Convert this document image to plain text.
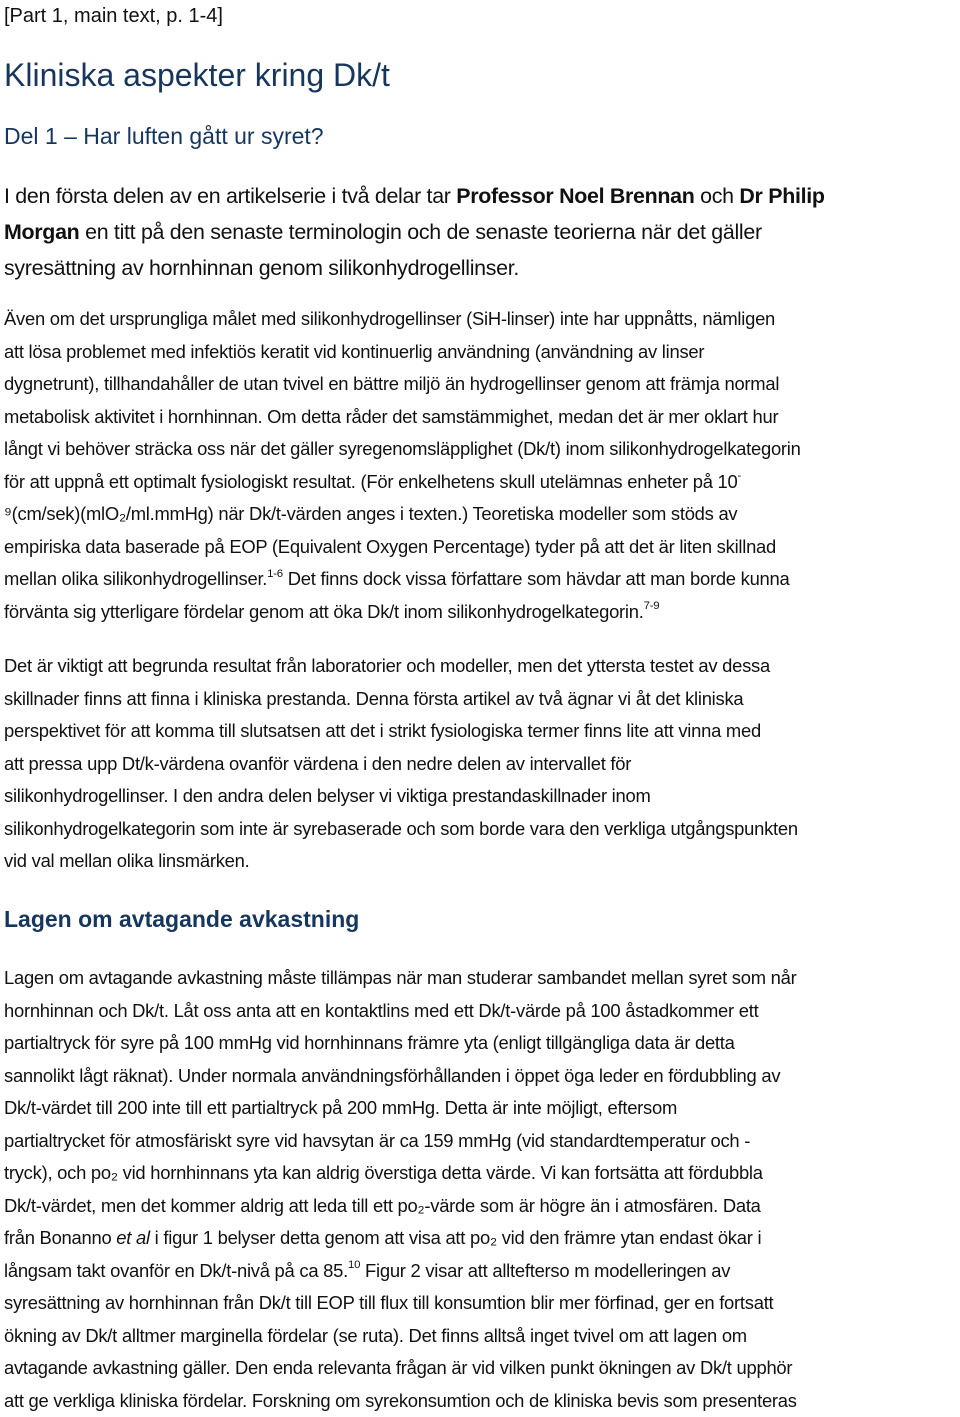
[Part 1, main text, p. 1-4]
Kliniska aspekter kring Dk/t
Del 1 – Har luften gått ur syret?

I den första delen av en artikelserie i två delar tar Professor Noel Brennan och Dr Philip
Morgan en titt på den senaste terminologin och de senaste teorierna när det gäller
syresättning av hornhinnan genom silikonhydrogellinser.

Även om det ursprungliga målet med silikonhydrogellinser (SiH-linser) inte har uppnåtts, nämligen
att lösa problemet med infektiös keratit vid kontinuerlig användning (användning av linser
dygnetrunt), tillhandahåller de utan tvivel en bättre miljö än hydrogellinser genom att främja normal
metabolisk aktivitet i hornhinnan. Om detta råder det samstämmighet, medan det är mer oklart hur
långt vi behöver sträcka oss när det gäller syregenomsläpplighet (Dk/t) inom silikonhydrogelkategorin
för att uppnå ett optimalt fysiologiskt resultat. (För enkelhetens skull utelämnas enheter på 10-
⁹(cm/sek)(mlO₂/ml.mmHg) när Dk/t-värden anges i texten.) Teoretiska modeller som stöds av
empiriska data baserade på EOP (Equivalent Oxygen Percentage) tyder på att det är liten skillnad
mellan olika silikonhydrogellinser.$^{1-6}$ Det finns dock vissa författare som hävdar att man borde kunna
förvänta sig ytterligare fördelar genom att öka Dk/t inom silikonhydrogelkategorin.$^{7-9}$

Det är viktigt att begrunda resultat från laboratorier och modeller, men det yttersta testet av dessa
skillnader finns att finna i kliniska prestanda. Denna första artikel av två ägnar vi åt det kliniska
perspektivet för att komma till slutsatsen att det i strikt fysiologiska termer finns lite att vinna med
att pressa upp Dt/k-värdena ovanför värdena i den nedre delen av intervallet för
silikonhydrogellinser. I den andra delen belyser vi viktiga prestandaskillnader inom
silikonhydrogelkategorin som inte är syrebaserade och som borde vara den verkliga utgångspunkten
vid val mellan olika linsmärken.

Lagen om avtagande avkastning

Lagen om avtagande avkastning måste tillämpas när man studerar sambandet mellan syret som når
hornhinnan och Dk/t. Låt oss anta att en kontaktlins med ett Dk/t-värde på 100 åstadkommer ett
partialtryck för syre på 100 mmHg vid hornhinnans främre yta (enligt tillgängliga data är detta
sannolikt lågt räknat). Under normala användningsförhållanden i öppet öga leder en fördubbling av
Dk/t-värdet till 200 inte till ett partialtryck på 200 mmHg. Detta är inte möjligt, eftersom
partialtrycket för atmosfäriskt syre vid havsytan är ca 159 mmHg (vid standardtemperatur och -
tryck), och po₂ vid hornhinnans yta kan aldrig överstiga detta värde. Vi kan fortsätta att fördubbla
Dk/t-värdet, men det kommer aldrig att leda till ett po₂-värde som är högre än i atmosfären. Data
från Bonanno et al i figur 1 belyser detta genom att visa att po₂ vid den främre ytan endast ökar i
långsam takt ovanför en Dk/t-nivå på ca 85.10 Figur 2 visar att alltefterso m modelleringen av
syresättning av hornhinnan från Dk/t till EOP till flux till konsumtion blir mer förfinad, ger en fortsatt
ökning av Dk/t alltmer marginella fördelar (se ruta). Det finns alltså inget tvivel om att lagen om
avtagande avkastning gäller. Den enda relevanta frågan är vid vilken punkt ökningen av Dk/t upphör
att ge verkliga kliniska fördelar. Forskning om syrekonsumtion och de kliniska bevis som presenteras
